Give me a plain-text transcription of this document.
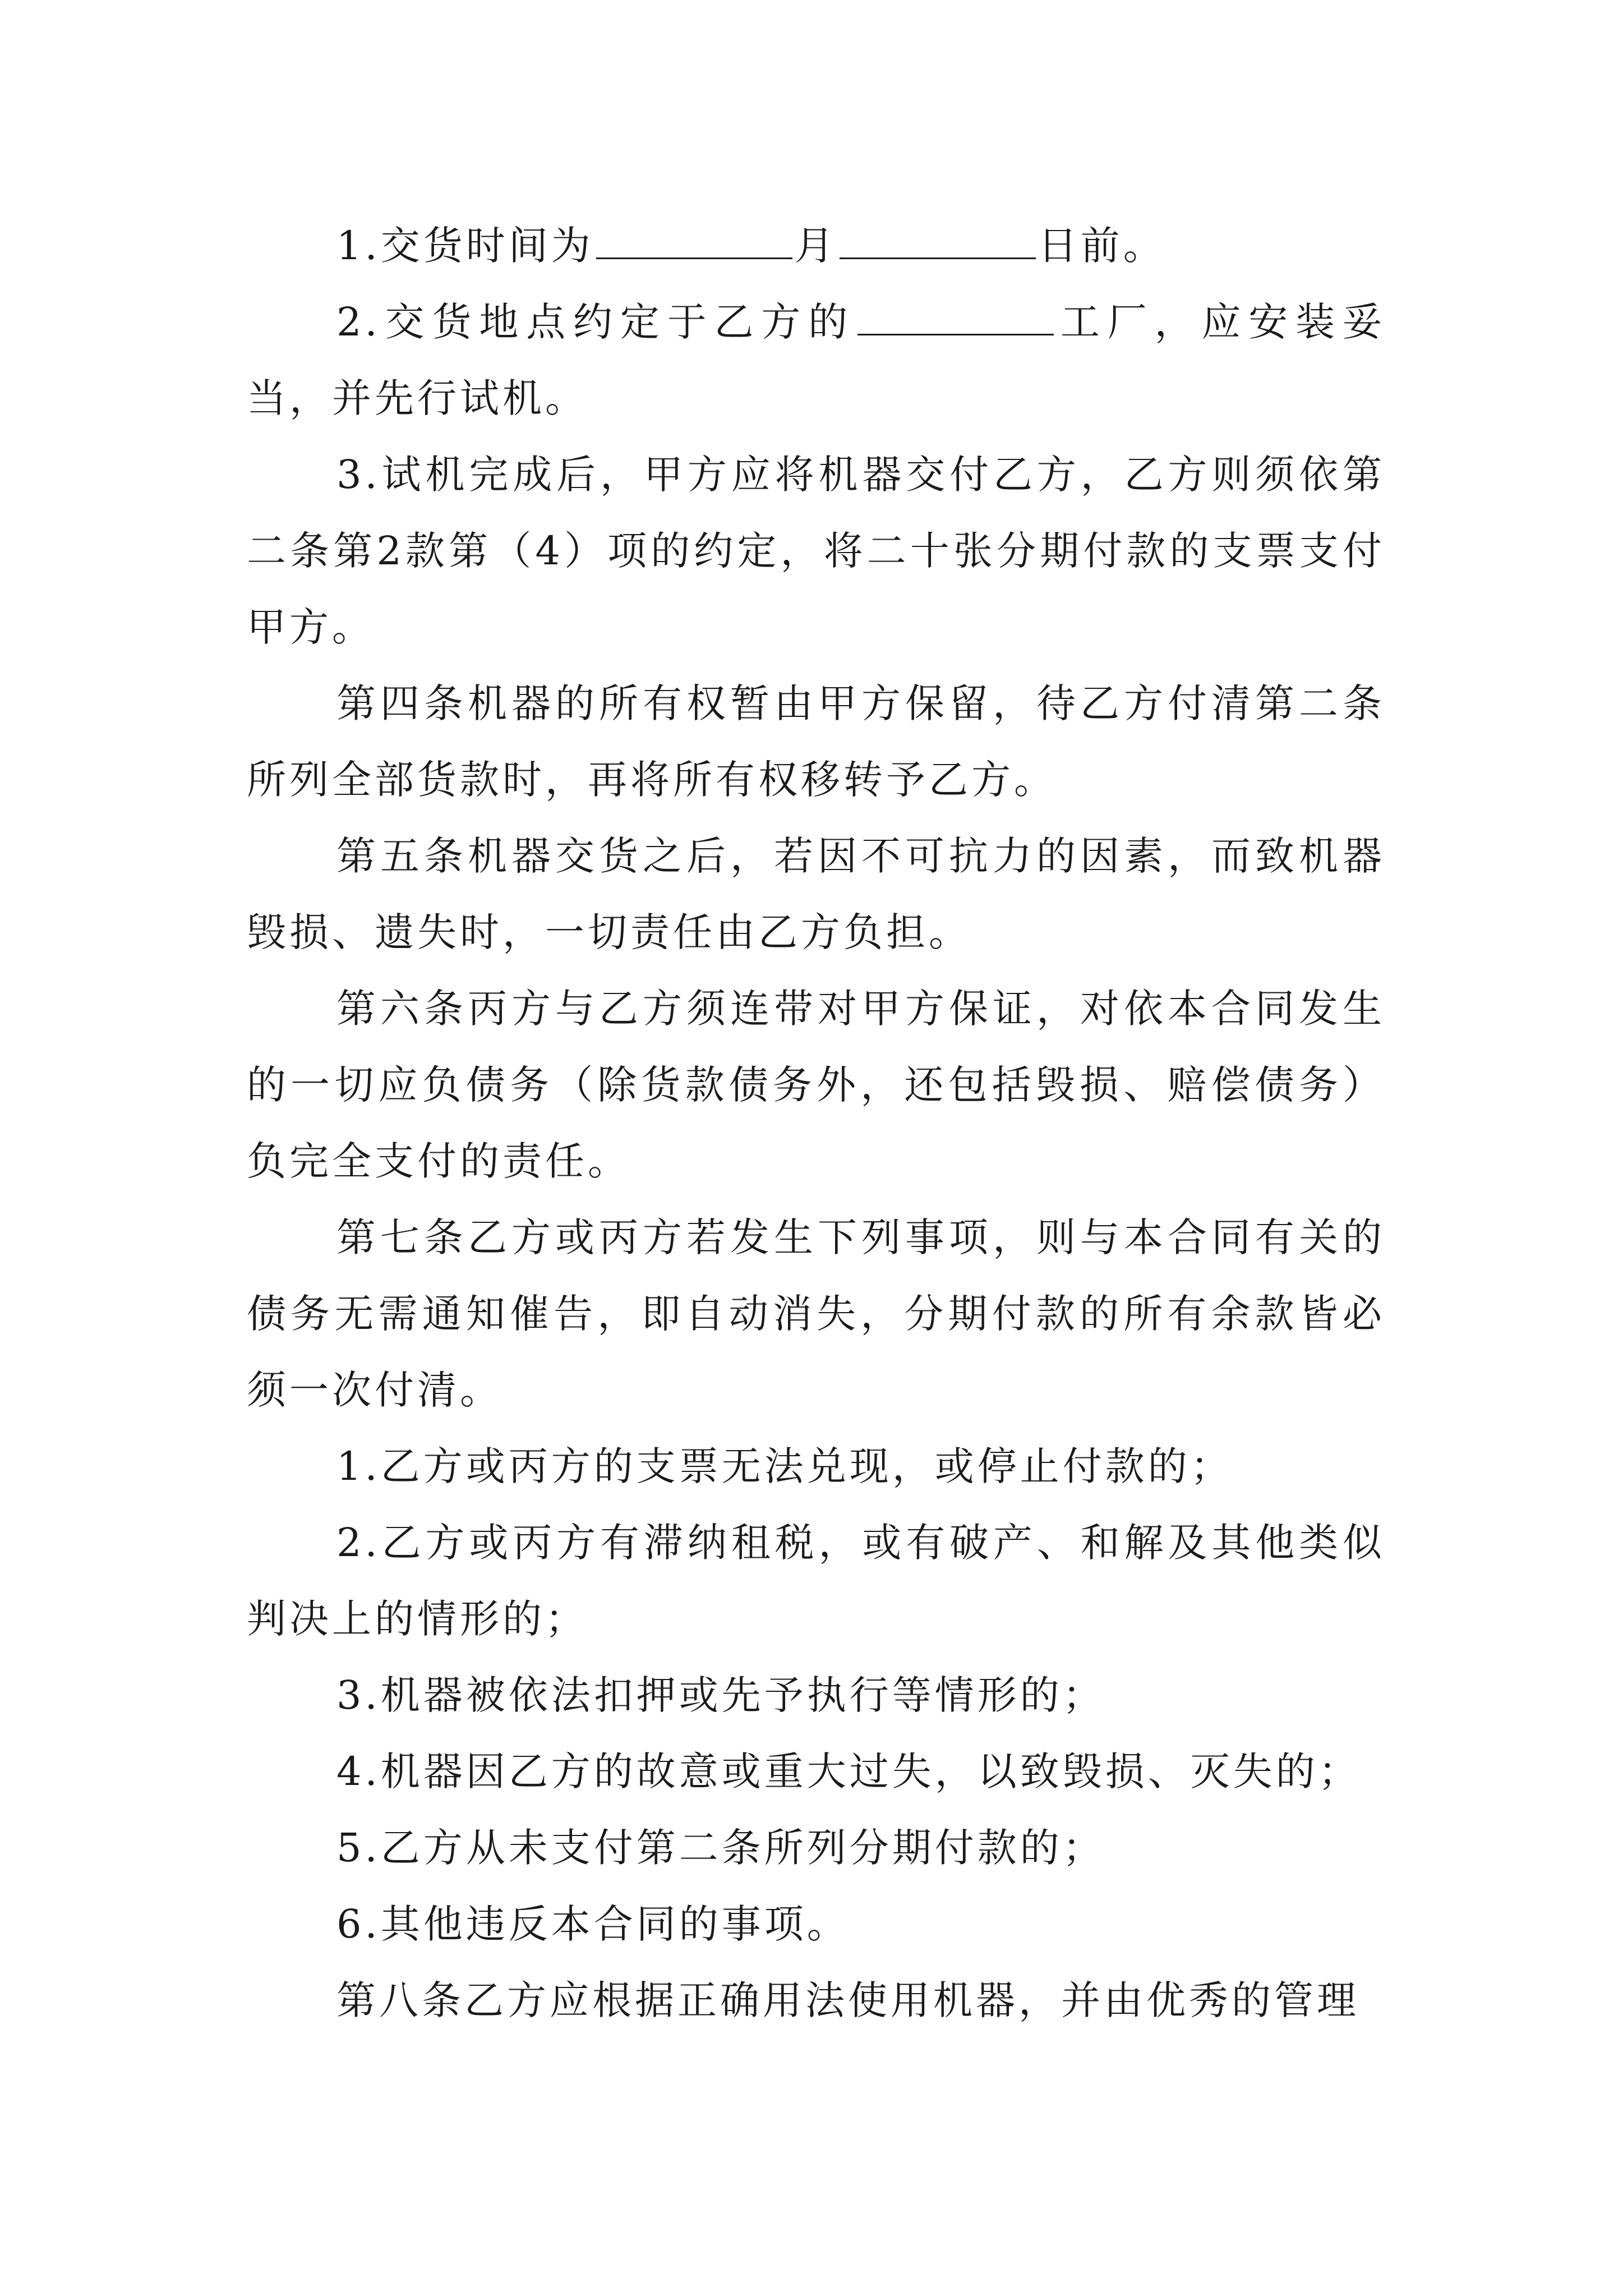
1.交货时间为	月	日前。

2.交货地点约定于乙方的	工厂，应安装妥当，并先行试机。

3.试机完成后，甲方应将机器交付乙方，乙方则须依第二条第2款第（4）项的约定，将二十张分期付款的支票支付甲方。

第四条机器的所有权暂由甲方保留，待乙方付清第二条所列全部货款时，再将所有权移转予乙方。

第五条机器交货之后，若因不可抗力的因素，而致机器毁损、遗失时，一切责任由乙方负担。

第六条丙方与乙方须连带对甲方保证，对依本合同发生的一切应负债务（除货款债务外，还包括毁损、赔偿债务）负完全支付的责任。

第七条乙方或丙方若发生下列事项，则与本合同有关的债务无需通知催告，即自动消失，分期付款的所有余款皆必须一次付清。

1.乙方或丙方的支票无法兑现，或停止付款的；

2.乙方或丙方有滞纳租税，或有破产、和解及其他类似判决上的情形的；

3.机器被依法扣押或先予执行等情形的；

4.机器因乙方的故意或重大过失，以致毁损、灭失的；

5.乙方从未支付第二条所列分期付款的；

6.其他违反本合同的事项。

第八条乙方应根据正确用法使用机器，并由优秀的管理
